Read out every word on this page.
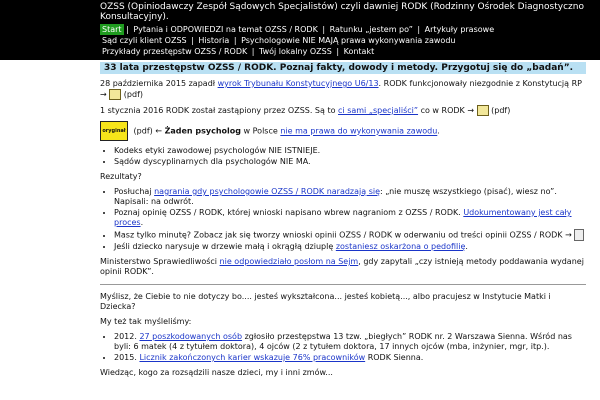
OZSS (Opiniodawczy Zespół Sądowych Specjalistów) czyli dawniej RODK (Rodzinny Ośrodek Diagnostyczno Konsultacyjny).
Start | Pytania i ODPOWIEDZI na temat OZSS / RODK | Ratunku „jestem po” | Artykuły prasowe
Sąd czyli klient OZSS | Historia | Psychologowie NIE MAJĄ prawa wykonywania zawodu
Przykłady przestępstw OZSS / RODK | Twój lokalny OZSS | Kontakt
33 lata przestępstw OZSS / RODK. Poznaj fakty, dowody i metody. Przygotuj się do „badań”.

28 października 2015 zapadł wyrok Trybunału Konstytucyjnego U6/13. RODK funkcjonowały niezgodnie z Konstytucją RP → (pdf)

1 stycznia 2016 RODK został zastąpiony przez OZSS. Są to ci sami „specjaliści” co w RODK → (pdf)

oryginał (pdf) ← Żaden psycholog w Polsce nie ma prawa do wykonywania zawodu.

• Kodeks etyki zawodowej psychologów NIE ISTNIEJE.
• Sądów dyscyplinarnych dla psychologów NIE MA.

Rezultaty?

• Posłuchaj nagrania gdy psychologowie OZSS / RODK naradzają się: „nie muszę wszystkiego (pisać), wiesz no”. Napisali: na odwrót.
• Poznaj opinię OZSS / RODK, której wnioski napisano wbrew nagraniom z OZSS / RODK. Udokumentowany jest cały proces.
• Masz tylko minutę? Zobacz jak się tworzy wnioski opinii OZSS / RODK w oderwaniu od treści opinii OZSS / RODK →
• Jeśli dziecko narysuje w drzewie małą i okrągłą dziuplę zostaniesz oskarżona o pedofilię.

Ministerstwo Sprawiedliwości nie odpowiedziało posłom na Sejm, gdy zapytali „czy istnieją metody poddawania wydanej opinii RODK”.

Myślisz, że Ciebie to nie dotyczy bo.... jesteś wykształcona... jesteś kobietą..., albo pracujesz w Instytucie Matki i Dziecka?

My też tak myśleliśmy:

• 2012. 27 poszkodowanych osób zgłosiło przestępstwa 13 tzw. „biegłych” RODK nr. 2 Warszawa Sienna. Wśród nas byli: 6 matek (4 z tytułem doktora), 4 ojców (2 z tytułem doktora, 17 innych ojców (mba, inżynier, mgr, itp.).
• 2015. Licznik zakończonych karier wskazuje 76% pracowników RODK Sienna.

Wiedząc, kogo za rozsądzili nasze dzieci, my i inni zmów...
